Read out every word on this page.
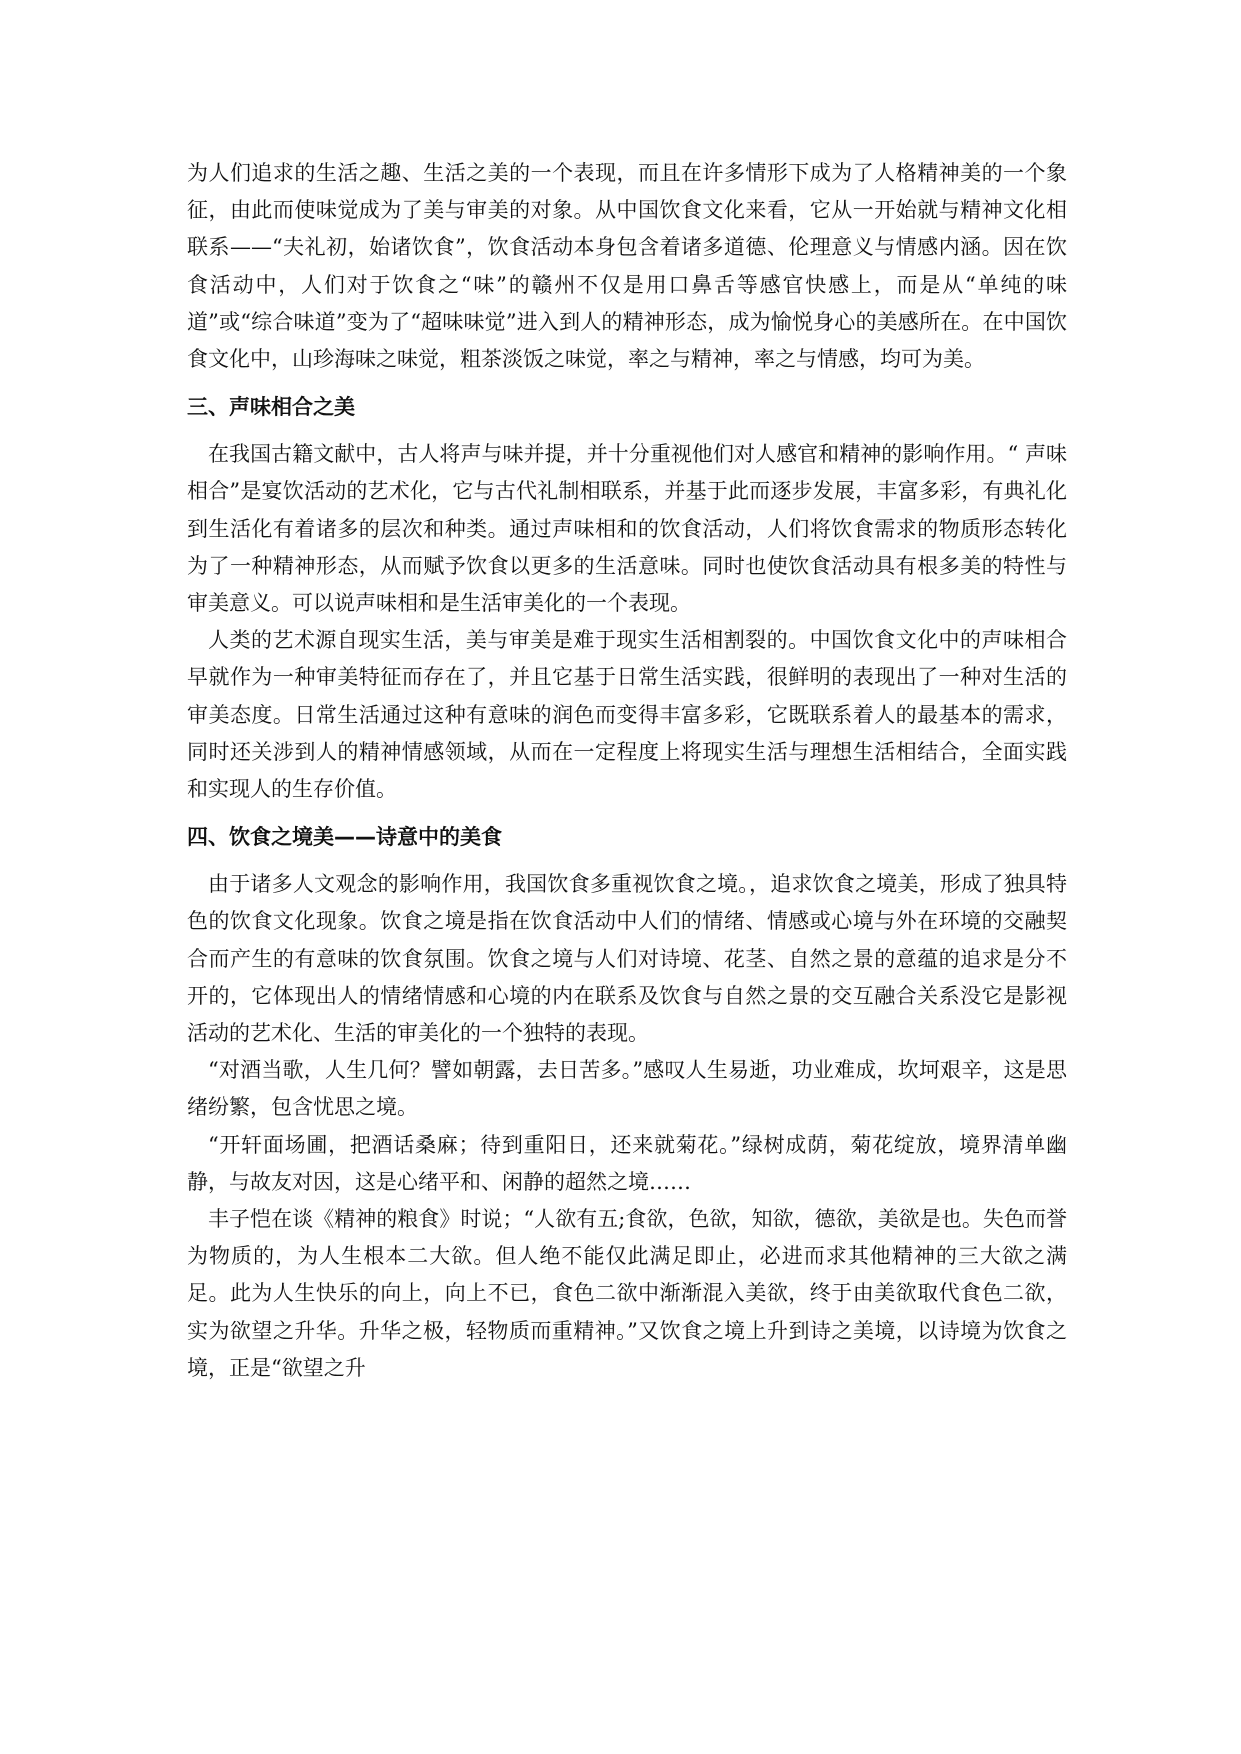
为人们追求的生活之趣、生活之美的一个表现，而且在许多情形下成为了人格精神美的一个象征，由此而使味觉成为了美与审美的对象。从中国饮食文化来看，它从一开始就与精神文化相联系——“夫礼初，始诸饮食”，饮食活动本身包含着诸多道德、伦理意义与情感内涵。因在饮食活动中，人们对于饮食之“味”的赣州不仅是用口鼻舌等感官快感上，而是从“单纯的味道”或“综合味道”变为了“超味味觉”进入到人的精神形态，成为愉悦身心的美感所在。在中国饮食文化中，山珍海味之味觉，粗茶淡饭之味觉，率之与精神，率之与情感，均可为美。

三、声味相合之美

在我国古籍文献中，古人将声与味并提，并十分重视他们对人感官和精神的影响作用。“ 声味相合”是宴饮活动的艺术化，它与古代礼制相联系，并基于此而逐步发展，丰富多彩，有典礼化到生活化有着诸多的层次和种类。通过声味相和的饮食活动，人们将饮食需求的物质形态转化为了一种精神形态，从而赋予饮食以更多的生活意味。同时也使饮食活动具有根多美的特性与审美意义。可以说声味相和是生活审美化的一个表现。

人类的艺术源自现实生活，美与审美是难于现实生活相割裂的。中国饮食文化中的声味相合早就作为一种审美特征而存在了，并且它基于日常生活实践，很鲜明的表现出了一种对生活的审美态度。日常生活通过这种有意味的润色而变得丰富多彩，它既联系着人的最基本的需求，同时还关涉到人的精神情感领域，从而在一定程度上将现实生活与理想生活相结合，全面实践和实现人的生存价值。

四、饮食之境美——诗意中的美食

由于诸多人文观念的影响作用，我国饮食多重视饮食之境。，追求饮食之境美，形成了独具特色的饮食文化现象。饮食之境是指在饮食活动中人们的情绪、情感或心境与外在环境的交融契合而产生的有意味的饮食氛围。饮食之境与人们对诗境、花茎、自然之景的意蕴的追求是分不开的，它体现出人的情绪情感和心境的内在联系及饮食与自然之景的交互融合关系没它是影视活动的艺术化、生活的审美化的一个独特的表现。

“对酒当歌，人生几何？譬如朝露，去日苦多。”感叹人生易逝，功业难成，坎坷艰辛，这是思绪纷繁，包含忧思之境。

“开轩面场圃，把酒话桑麻；待到重阳日，还来就菊花。”绿树成荫，菊花绽放，境界清单幽静，与故友对因，这是心绪平和、闲静的超然之境……

丰子恺在谈《精神的粮食》时说；“人欲有五;食欲，色欲，知欲，德欲，美欲是也。失色而誉为物质的，为人生根本二大欲。但人绝不能仅此满足即止，必进而求其他精神的三大欲之满足。此为人生快乐的向上，向上不已，食色二欲中渐渐混入美欲，终于由美欲取代食色二欲，实为欲望之升华。升华之极，轻物质而重精神。”又饮食之境上升到诗之美境，以诗境为饮食之境，正是“欲望之升
